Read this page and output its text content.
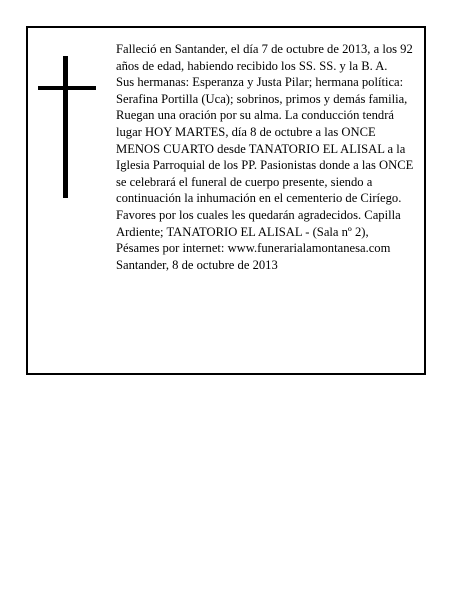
Falleció en Santander, el día 7 de octubre de 2013, a los 92 años de edad, habiendo recibido los SS. SS. y la B. A.

Sus hermanas: Esperanza y Justa Pilar; hermana política: Serafina Portilla (Uca); sobrinos, primos y demás familia,

Ruegan una oración por su alma. La conducción tendrá lugar HOY MARTES, día 8 de octubre a las ONCE MENOS CUARTO desde TANATORIO EL ALISAL a la Iglesia Parroquial de los PP. Pasionistas donde a las ONCE se celebrará el funeral de cuerpo presente, siendo a continuación la inhumación en el cementerio de Ciríego. Favores por los cuales les quedarán agradecidos. Capilla Ardiente; TANATORIO EL ALISAL - (Sala nº 2),

Pésames por internet: www.funerarialamontanesa.com

Santander, 8 de octubre de 2013
